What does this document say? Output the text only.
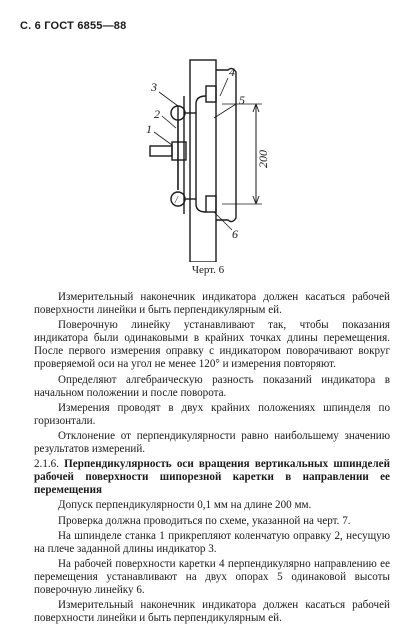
С. 6 ГОСТ 6855—88
1
2
3
4
5
6
/
200
Черт. 6

Измерительный наконечник индикатора должен касаться рабочей поверхности линейки и быть перпендикулярным ей.

Поверочную линейку устанавливают так, чтобы показания индикатора были одинаковыми в крайних точках длины перемещения. После первого измерения оправку с индикатором поворачивают вокруг проверяемой оси на угол не менее 120° и измерения повторяют.

Определяют алгебраическую разность показаний индикатора в начальном положении и после поворота.

Измерения проводят в двух крайних положениях шпинделя по горизонтали.

Отклонение от перпендикулярности равно наибольшему значению результатов измерений.

2.1.6. Перпендикулярность оси вращения вертикальных шпинделей рабочей поверхности шипорезной каретки в направлении ее перемещения

Допуск перпендикулярности 0,1 мм на длине 200 мм.

Проверка должна проводиться по схеме, указанной на черт. 7.

На шпинделе станка 1 прикрепляют коленчатую оправку 2, несущую на плече заданной длины индикатор 3.

На рабочей поверхности каретки 4 перпендикулярно направлению ее перемещения устанавливают на двух опорах 5 одинаковой высоты поверочную линейку 6.

Измерительный наконечник индикатора должен касаться рабочей поверхности линейки и быть перпендикулярным ей.
